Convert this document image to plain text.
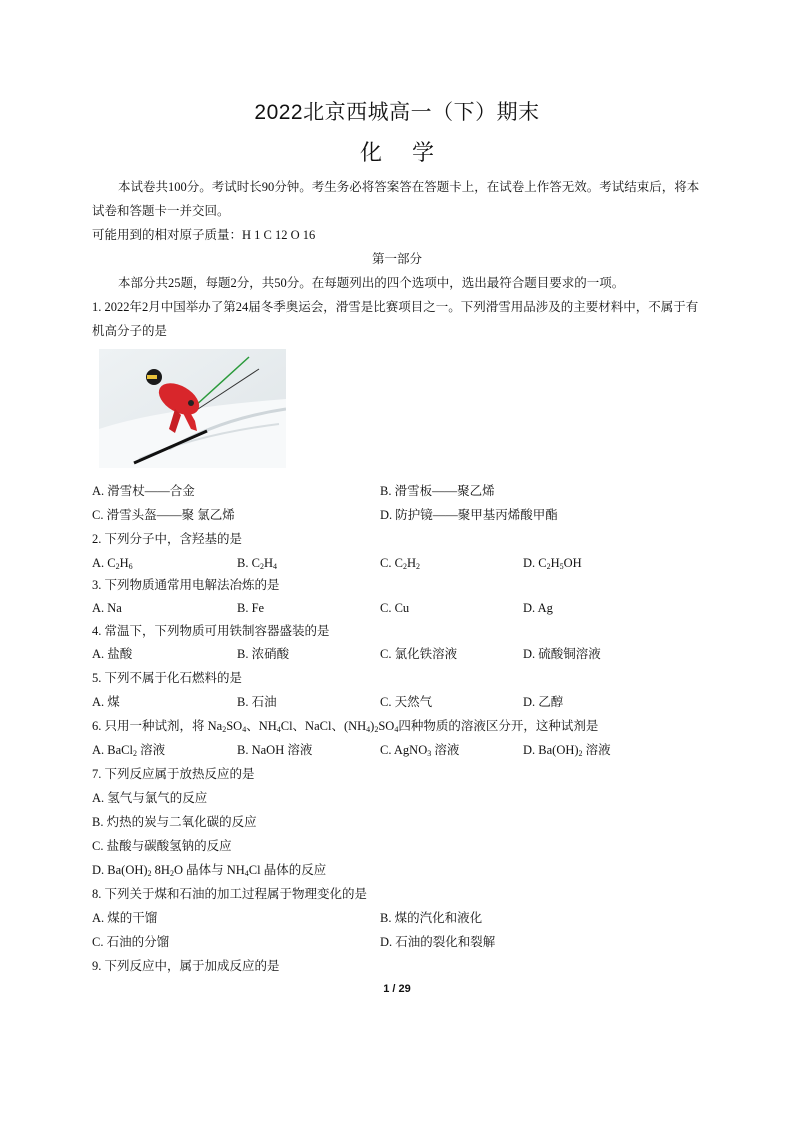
2022北京西城高一（下）期末
化学
本试卷共100分。考试时长90分钟。考生务必将答案答在答题卡上，在试卷上作答无效。考试结束后，将本
试卷和答题卡一并交回。
可能用到的相对原子质量：H 1 C 12 O 16
第一部分
本部分共25题，每题2分，共50分。在每题列出的四个选项中，选出最符合题目要求的一项。
1. 2022年2月中国举办了第24届冬季奥运会，滑雪是比赛项目之一。下列滑雪用品涉及的主要材料中，不属于有
机高分子的是
A. 滑雪杖——合金	B. 滑雪板——聚乙烯
C. 滑雪头盔——聚 氯乙烯	D. 防护镜——聚甲基丙烯酸甲酯
2. 下列分子中，含羟基的是
A. $C_2H_6$	B. $C_2H_4$	C. $C_2H_2$	D. $C_2H_5OH$
3. 下列物质通常用电解法冶炼的是
A. Na	B. Fe	C. Cu	D. Ag
4. 常温下，下列物质可用铁制容器盛装的是
A. 盐酸	B. 浓硝酸	C. 氯化铁溶液	D. 硫酸铜溶液
5. 下列不属于化石燃料的是
A. 煤	B. 石油	C. 天然气	D. 乙醇
6. 只用一种试剂，将 $Na_2SO_4$、$NH_4Cl$、NaCl、$(NH_4)_2SO_4$四种物质的溶液区分开，这种试剂是
A. BaCl$_2$ 溶液	B. NaOH 溶液	C. AgNO$_3$ 溶液	D. $Ba(OH)_2$ 溶液
7. 下列反应属于放热反应的是
A. 氢气与氯气的反应
B. 灼热的炭与二氧化碳的反应
C. 盐酸与碳酸氢钠的反应
D. $Ba(OH)_2$ $8H_2O$ 晶体与 $NH_4Cl$ 晶体的反应
8. 下列关于煤和石油的加工过程属于物理变化的是
A. 煤的干馏	B. 煤的汽化和液化
C. 石油的分馏	D. 石油的裂化和裂解
9. 下列反应中，属于加成反应的是
1 / 29
